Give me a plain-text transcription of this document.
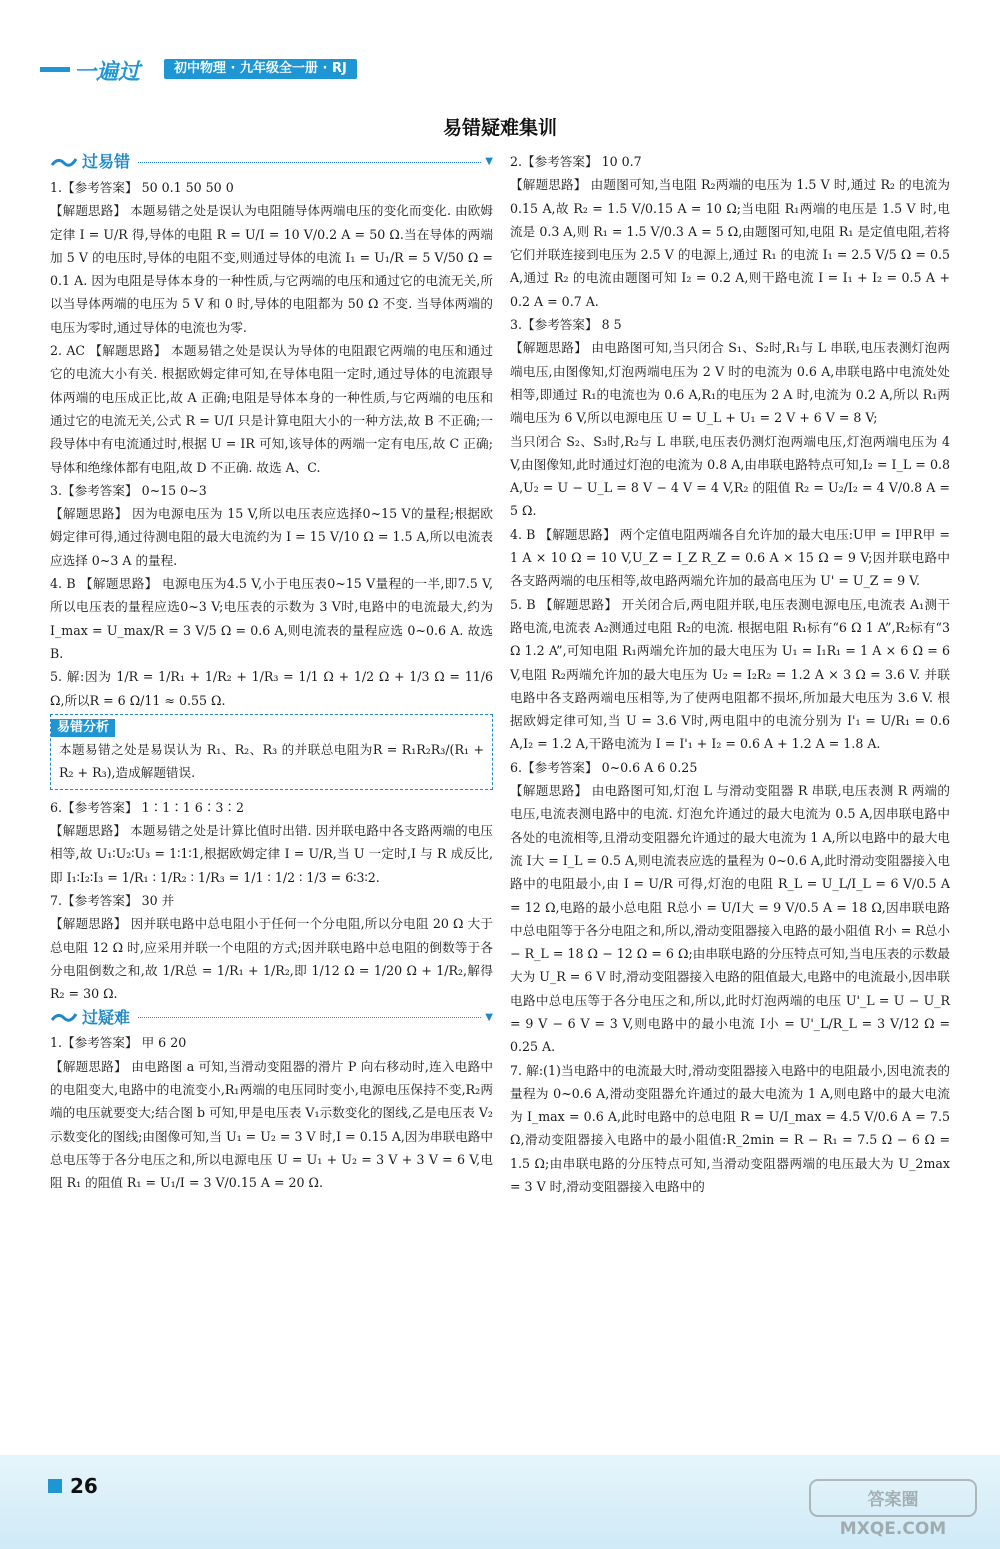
一遍过	初中物理 · 九年级全一册 · RJ
易错疑难集训
过易错	▼

1.【参考答案】 50 0.1 50 50 0

【解题思路】 本题易错之处是误认为电阻随导体两端电压的变化而变化. 由欧姆定律 I = U/R 得,导体的电阻 R = U/I = 10 V/0.2 A = 50 Ω.当在导体的两端加 5 V 的电压时,导体的电阻不变,则通过导体的电流 I₁ = U₁/R = 5 V/50 Ω = 0.1 A. 因为电阻是导体本身的一种性质,与它两端的电压和通过它的电流无关,所以当导体两端的电压为 5 V 和 0 时,导体的电阻都为 50 Ω 不变. 当导体两端的电压为零时,通过导体的电流也为零.

2. AC 【解题思路】 本题易错之处是误认为导体的电阻跟它两端的电压和通过它的电流大小有关. 根据欧姆定律可知,在导体电阻一定时,通过导体的电流跟导体两端的电压成正比,故 A 正确;电阻是导体本身的一种性质,与它两端的电压和通过它的电流无关,公式 R = U/I 只是计算电阻大小的一种方法,故 B 不正确;一段导体中有电流通过时,根据 U = IR 可知,该导体的两端一定有电压,故 C 正确;导体和绝缘体都有电阻,故 D 不正确. 故选 A、C.

3.【参考答案】 0~15 0~3

【解题思路】 因为电源电压为 15 V,所以电压表应选择0~15 V的量程;根据欧姆定律可得,通过待测电阻的最大电流约为 I = 15 V/10 Ω = 1.5 A,所以电流表应选择 0~3 A 的量程.

4. B 【解题思路】 电源电压为4.5 V,小于电压表0~15 V量程的一半,即7.5 V,所以电压表的量程应选0~3 V;电压表的示数为 3 V时,电路中的电流最大,约为 I_max = U_max/R = 3 V/5 Ω = 0.6 A,则电流表的量程应选 0~0.6 A. 故选 B.

5. 解:因为 1/R = 1/R₁ + 1/R₂ + 1/R₃ = 1/1 Ω + 1/2 Ω + 1/3 Ω = 11/6 Ω,所以R = 6 Ω/11 ≈ 0.55 Ω.

易错分析

本题易错之处是易误认为 R₁、R₂、R₃ 的并联总电阻为R = R₁R₂R₃/(R₁ + R₂ + R₃),造成解题错误.

6.【参考答案】 1∶1∶1 6∶3∶2

【解题思路】 本题易错之处是计算比值时出错. 因并联电路中各支路两端的电压相等,故 U₁∶U₂∶U₃ = 1∶1∶1,根据欧姆定律 I = U/R,当 U 一定时,I 与 R 成反比,即 I₁∶I₂∶I₃ = 1/R₁ ∶ 1/R₂ ∶ 1/R₃ = 1/1 ∶ 1/2 ∶ 1/3 = 6∶3∶2.

7.【参考答案】 30 并

【解题思路】 因并联电路中总电阻小于任何一个分电阻,所以分电阻 20 Ω 大于总电阻 12 Ω 时,应采用并联一个电阻的方式;因并联电路中总电阻的倒数等于各分电阻倒数之和,故 1/R总 = 1/R₁ + 1/R₂,即 1/12 Ω = 1/20 Ω + 1/R₂,解得 R₂ = 30 Ω.

过疑难	▼

1.【参考答案】 甲 6 20

【解题思路】 由电路图 a 可知,当滑动变阻器的滑片 P 向右移动时,连入电路中的电阻变大,电路中的电流变小,R₁两端的电压同时变小,电源电压保持不变,R₂两端的电压就要变大;结合图 b 可知,甲是电压表 V₁示数变化的图线,乙是电压表 V₂示数变化的图线;由图像可知,当 U₁ = U₂ = 3 V 时,I = 0.15 A,因为串联电路中总电压等于各分电压之和,所以电源电压 U = U₁ + U₂ = 3 V + 3 V = 6 V,电阻 R₁ 的阻值 R₁ = U₁/I = 3 V/0.15 A = 20 Ω.

2.【参考答案】 10 0.7

【解题思路】 由题图可知,当电阻 R₂两端的电压为 1.5 V 时,通过 R₂ 的电流为 0.15 A,故 R₂ = 1.5 V/0.15 A = 10 Ω;当电阻 R₁两端的电压是 1.5 V 时,电流是 0.3 A,则 R₁ = 1.5 V/0.3 A = 5 Ω,由题图可知,电阻 R₁ 是定值电阻,若将它们并联连接到电压为 2.5 V 的电源上,通过 R₁ 的电流 I₁ = 2.5 V/5 Ω = 0.5 A,通过 R₂ 的电流由题图可知 I₂ = 0.2 A,则干路电流 I = I₁ + I₂ = 0.5 A + 0.2 A = 0.7 A.

3.【参考答案】 8 5

【解题思路】 由电路图可知,当只闭合 S₁、S₂时,R₁与 L 串联,电压表测灯泡两端电压,由图像知,灯泡两端电压为 2 V 时的电流为 0.6 A,串联电路中电流处处相等,即通过 R₁的电流也为 0.6 A,R₁的电压为 2 A 时,电流为 0.2 A,所以 R₁两端电压为 6 V,所以电源电压 U = U_L + U₁ = 2 V + 6 V = 8 V;

当只闭合 S₂、S₃时,R₂与 L 串联,电压表仍测灯泡两端电压,灯泡两端电压为 4 V,由图像知,此时通过灯泡的电流为 0.8 A,由串联电路特点可知,I₂ = I_L = 0.8 A,U₂ = U − U_L = 8 V − 4 V = 4 V,R₂ 的阻值 R₂ = U₂/I₂ = 4 V/0.8 A = 5 Ω.

4. B 【解题思路】 两个定值电阻两端各自允许加的最大电压:U甲 = I甲R甲 = 1 A × 10 Ω = 10 V,U_Z = I_Z R_Z = 0.6 A × 15 Ω = 9 V;因并联电路中各支路两端的电压相等,故电路两端允许加的最高电压为 U' = U_Z = 9 V.

5. B 【解题思路】 开关闭合后,两电阻并联,电压表测电源电压,电流表 A₁测干路电流,电流表 A₂测通过电阻 R₂的电流. 根据电阻 R₁标有“6 Ω 1 A”,R₂标有“3 Ω 1.2 A”,可知电阻 R₁两端允许加的最大电压为 U₁ = I₁R₁ = 1 A × 6 Ω = 6 V,电阻 R₂两端允许加的最大电压为 U₂ = I₂R₂ = 1.2 A × 3 Ω = 3.6 V. 并联电路中各支路两端电压相等,为了使两电阻都不损坏,所加最大电压为 3.6 V. 根据欧姆定律可知,当 U = 3.6 V时,两电阻中的电流分别为 I'₁ = U/R₁ = 0.6 A,I₂ = 1.2 A,干路电流为 I = I'₁ + I₂ = 0.6 A + 1.2 A = 1.8 A.

6.【参考答案】 0~0.6 A 6 0.25

【解题思路】 由电路图可知,灯泡 L 与滑动变阻器 R 串联,电压表测 R 两端的电压,电流表测电路中的电流. 灯泡允许通过的最大电流为 0.5 A,因串联电路中各处的电流相等,且滑动变阻器允许通过的最大电流为 1 A,所以电路中的最大电流 I大 = I_L = 0.5 A,则电流表应选的量程为 0~0.6 A,此时滑动变阻器接入电路中的电阻最小,由 I = U/R 可得,灯泡的电阻 R_L = U_L/I_L = 6 V/0.5 A = 12 Ω,电路的最小总电阻 R总小 = U/I大 = 9 V/0.5 A = 18 Ω,因串联电路中总电阻等于各分电阻之和,所以,滑动变阻器接入电路的最小阻值 R小 = R总小 − R_L = 18 Ω − 12 Ω = 6 Ω;由串联电路的分压特点可知,当电压表的示数最大为 U_R = 6 V 时,滑动变阻器接入电路的阻值最大,电路中的电流最小,因串联电路中总电压等于各分电压之和,所以,此时灯泡两端的电压 U'_L = U − U_R = 9 V − 6 V = 3 V,则电路中的最小电流 I小 = U'_L/R_L = 3 V/12 Ω = 0.25 A.

7. 解:(1)当电路中的电流最大时,滑动变阻器接入电路中的电阻最小,因电流表的量程为 0~0.6 A,滑动变阻器允许通过的最大电流为 1 A,则电路中的最大电流为 I_max = 0.6 A,此时电路中的总电阻 R = U/I_max = 4.5 V/0.6 A = 7.5 Ω,滑动变阻器接入电路中的最小阻值:R_2min = R − R₁ = 7.5 Ω − 6 Ω = 1.5 Ω;由串联电路的分压特点可知,当滑动变阻器两端的电压最大为 U_2max = 3 V 时,滑动变阻器接入电路中的

26
答案圈
MXQE.COM
